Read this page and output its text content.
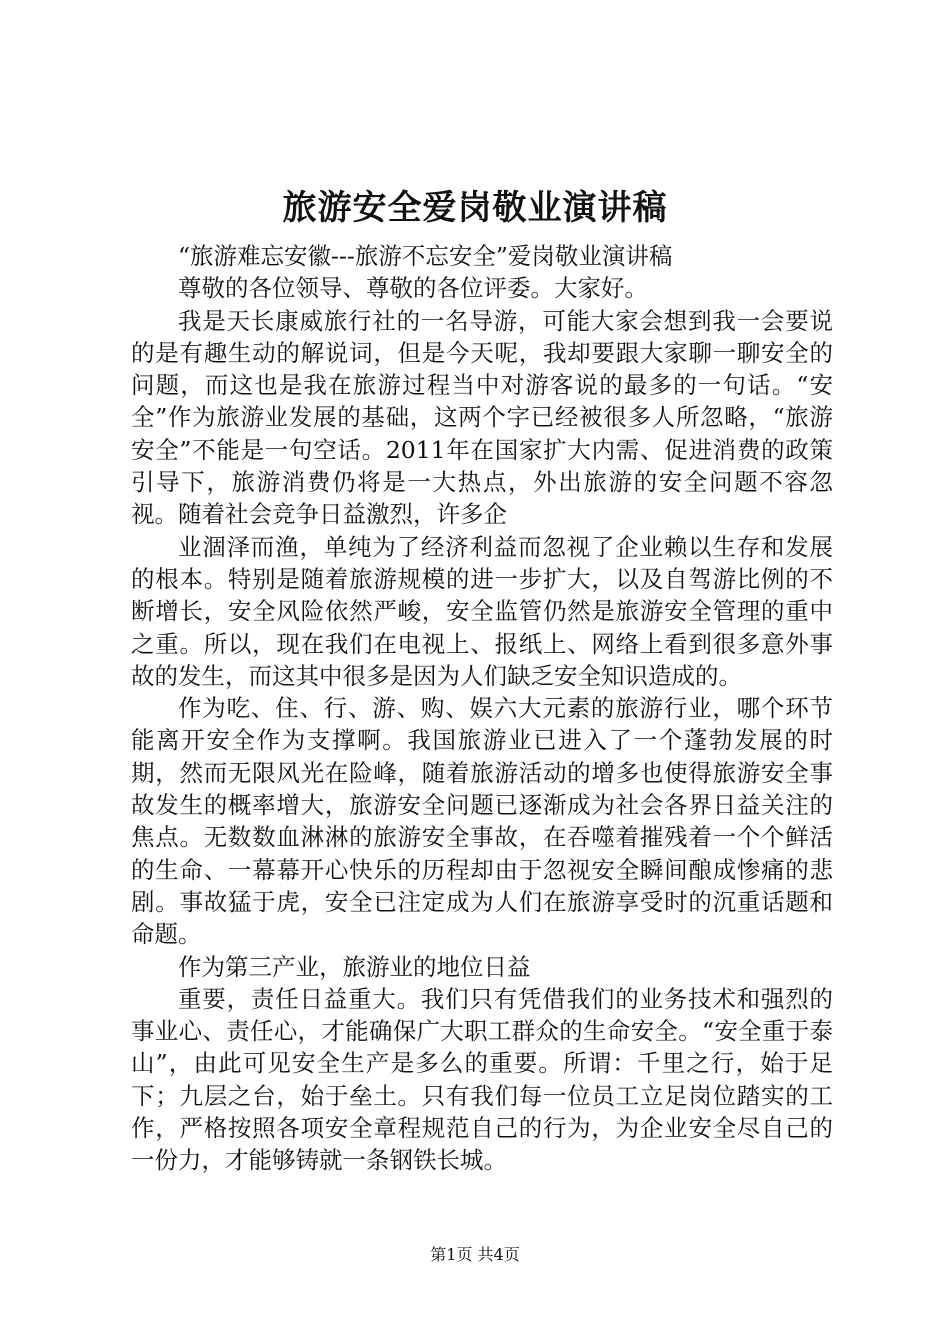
旅游安全爱岗敬业演讲稿

“旅游难忘安徽---旅游不忘安全”爱岗敬业演讲稿

尊敬的各位领导、尊敬的各位评委。大家好。

我是天长康威旅行社的一名导游，可能大家会想到我一会要说的是有趣生动的解说词，但是今天呢，我却要跟大家聊一聊安全的问题，而这也是我在旅游过程当中对游客说的最多的一句话。“安全”作为旅游业发展的基础，这两个字已经被很多人所忽略，“旅游安全”不能是一句空话。2011年在国家扩大内需、促进消费的政策引导下，旅游消费仍将是一大热点，外出旅游的安全问题不容忽视。随着社会竞争日益激烈，许多企

业涸泽而渔，单纯为了经济利益而忽视了企业赖以生存和发展的根本。特别是随着旅游规模的进一步扩大，以及自驾游比例的不断增长，安全风险依然严峻，安全监管仍然是旅游安全管理的重中之重。所以，现在我们在电视上、报纸上、网络上看到很多意外事故的发生，而这其中很多是因为人们缺乏安全知识造成的。

作为吃、住、行、游、购、娱六大元素的旅游行业，哪个环节能离开安全作为支撑啊。我国旅游业已进入了一个蓬勃发展的时期，然而无限风光在险峰，随着旅游活动的增多也使得旅游安全事故发生的概率增大，旅游安全问题已逐渐成为社会各界日益关注的焦点。无数数血淋淋的旅游安全事故，在吞噬着摧残着一个个鲜活的生命、一幕幕开心快乐的历程却由于忽视安全瞬间酿成惨痛的悲剧。事故猛于虎，安全已注定成为人们在旅游享受时的沉重话题和命题。

作为第三产业，旅游业的地位日益

重要，责任日益重大。我们只有凭借我们的业务技术和强烈的事业心、责任心，才能确保广大职工群众的生命安全。“安全重于泰山”，由此可见安全生产是多么的重要。所谓：千里之行，始于足下；九层之台，始于垒土。只有我们每一位员工立足岗位踏实的工作，严格按照各项安全章程规范自己的行为，为企业安全尽自己的一份力，才能够铸就一条钢铁长城。

第1页 共4页
